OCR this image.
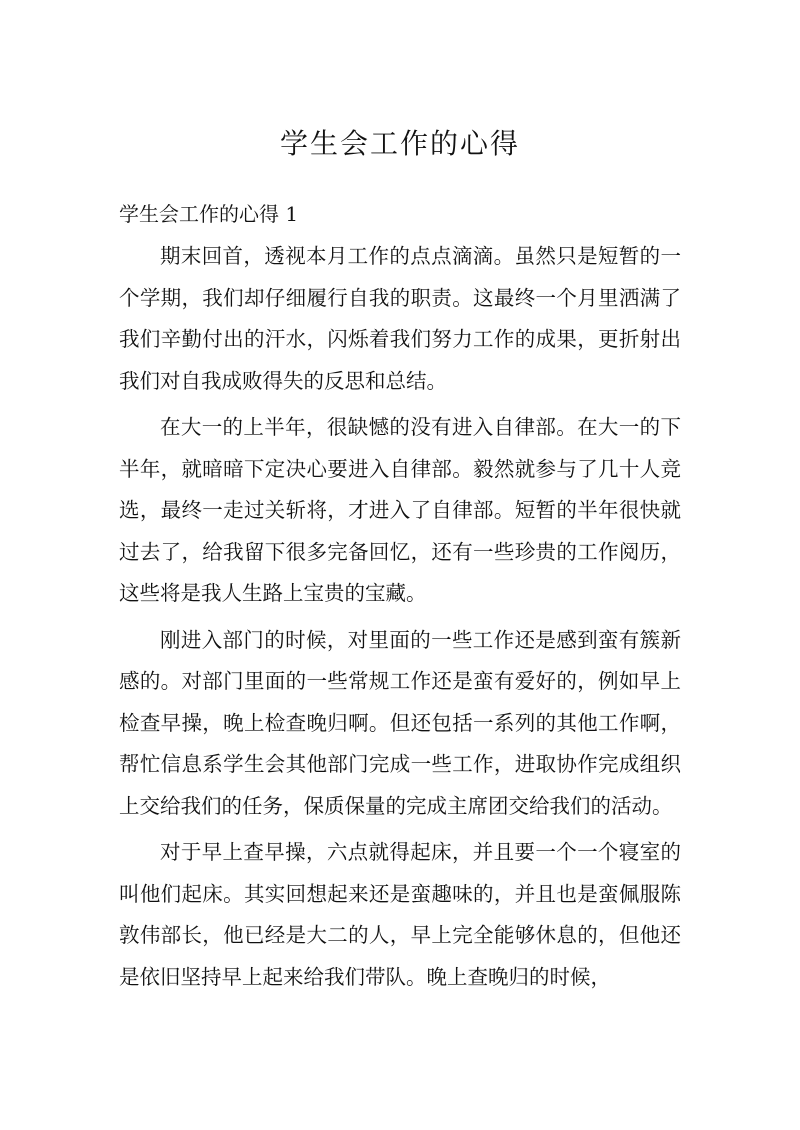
学生会工作的心得
学生会工作的心得 1

期末回首，透视本月工作的点点滴滴。虽然只是短暂的一个学期，我们却仔细履行自我的职责。这最终一个月里洒满了我们辛勤付出的汗水，闪烁着我们努力工作的成果，更折射出我们对自我成败得失的反思和总结。

在大一的上半年，很缺憾的没有进入自律部。在大一的下半年，就暗暗下定决心要进入自律部。毅然就参与了几十人竞选，最终一走过关斩将，才进入了自律部。短暂的半年很快就过去了，给我留下很多完备回忆，还有一些珍贵的工作阅历，这些将是我人生路上宝贵的宝藏。

刚进入部门的时候，对里面的一些工作还是感到蛮有簇新感的。对部门里面的一些常规工作还是蛮有爱好的，例如早上检查早操，晚上检查晚归啊。但还包括一系列的其他工作啊，帮忙信息系学生会其他部门完成一些工作，进取协作完成组织上交给我们的任务，保质保量的完成主席团交给我们的活动。

对于早上查早操，六点就得起床，并且要一个一个寝室的叫他们起床。其实回想起来还是蛮趣味的，并且也是蛮佩服陈敦伟部长，他已经是大二的人，早上完全能够休息的，但他还是依旧坚持早上起来给我们带队。晚上查晚归的时候，
